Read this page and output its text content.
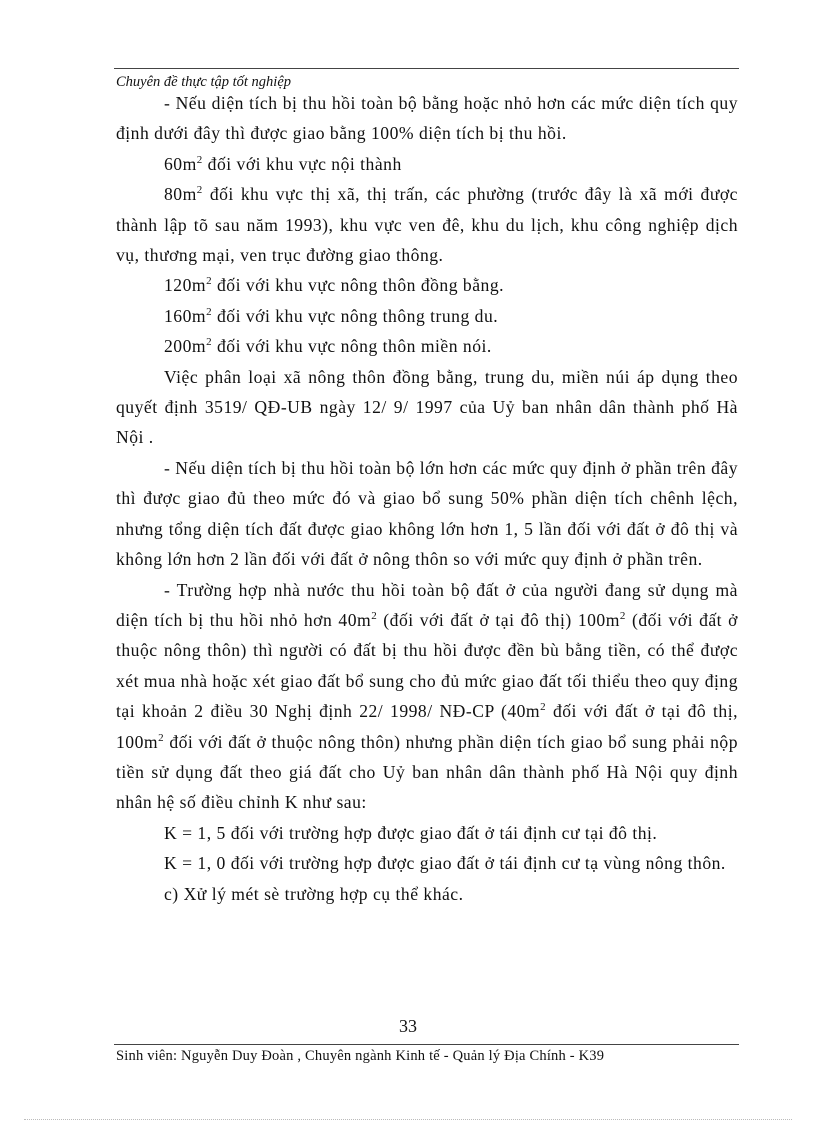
Chuyên đề thực tập tốt nghiệp

- Nếu diện tích bị thu hồi toàn bộ bằng hoặc nhỏ hơn các mức diện tích quy định dưới đây thì được giao bằng 100% diện tích bị thu hồi.

$60m^2$ đối với khu vực nội thành

$80m^2$ đối khu vực thị xã, thị trấn, các phường (trước đây là xã mới được thành lập tõ sau năm 1993), khu vực ven đê, khu du lịch, khu công nghiệp dịch vụ, thương mại, ven trục đường giao thông.

$120m^2$ đối với khu vực nông thôn đồng bằng.

$160m^2$ đối với khu vực nông thông trung du.

$200m^2$ đối với khu vực nông thôn miền nói.

Việc phân loại xã nông thôn đồng bằng, trung du, miền núi áp dụng theo quyết định 3519/ QĐ-UB ngày 12/ 9/ 1997 của Uỷ ban nhân dân thành phố Hà Nội .

- Nếu diện tích bị thu hồi toàn bộ lớn hơn các mức quy định ở phần trên đây thì được giao đủ theo mức đó và giao bổ sung 50% phần diện tích chênh lệch, nhưng tổng diện tích đất được giao không lớn hơn 1, 5 lần đối với đất ở đô thị và không lớn hơn 2 lần đối với đất ở nông thôn so với mức quy định ở phần trên.

- Trường hợp nhà nước thu hồi toàn bộ đất ở của người đang sử dụng mà diện tích bị thu hồi nhỏ hơn $40m^2$ (đối với đất ở tại đô thị) $100m^2$ (đối với đất ở thuộc nông thôn) thì người có đất bị thu hồi được đền bù bằng tiền, có thể được xét mua nhà hoặc xét giao đất bổ sung cho đủ mức giao đất tối thiểu theo quy địng tại khoản 2 điều 30 Nghị định 22/ 1998/ NĐ-CP ($40m^2$ đối với đất ở tại đô thị, $100m^2$ đối với đất ở thuộc nông thôn) nhưng phần diện tích giao bổ sung phải nộp tiền sử dụng đất theo giá đất cho Uỷ ban nhân dân thành phố Hà Nội quy định nhân hệ số điều chỉnh K như sau:

K = 1, 5 đối với trường hợp được giao đất ở tái định cư tại đô thị.

K = 1, 0 đối với trường hợp được giao đất ở tái định cư tạ vùng nông thôn.

c) Xử lý mét sè trường hợp cụ thể khác.

33
Sinh viên: Nguyễn Duy Đoàn , Chuyên ngành Kinh tế - Quản lý Địa Chính - K39
